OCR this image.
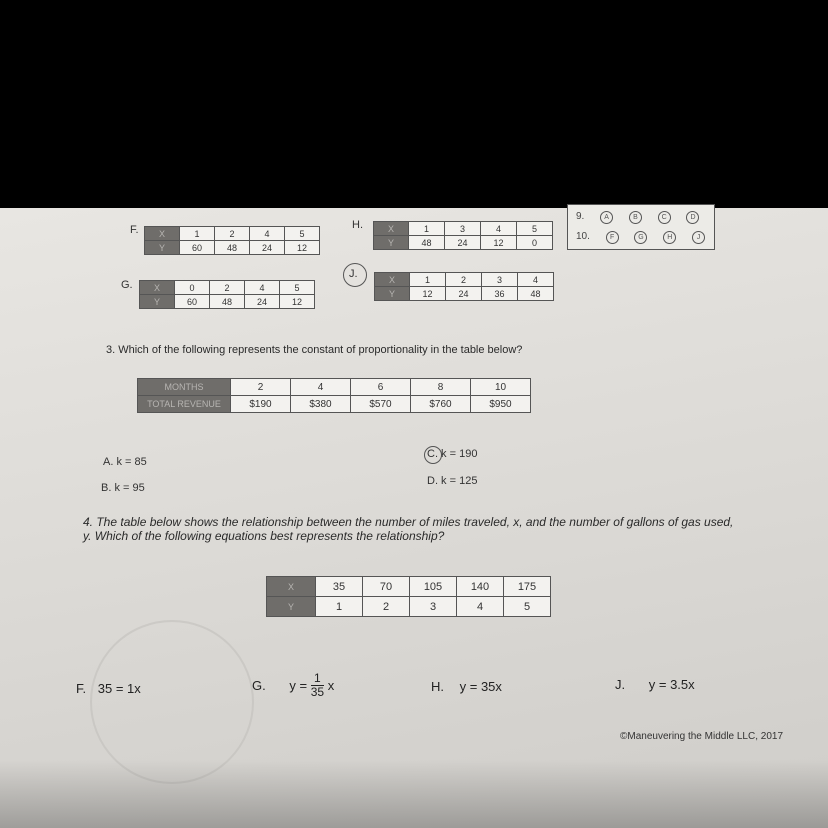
F. X	1	2	4	5
Y	60	48	24	12
H.	X	1	3	4	5
Y	48	24	12	0
9.	A	B	C	D
10.	F	G	H	J
G. X	0	2	4	5
Y	60	48	24	12
J.	X	1	2	3	4
Y	12	24	36	48
3. Which of the following represents the constant of proportionality in the table below?
MONTHS	2	4	6	8	10
TOTAL REVENUE	$190	$380	$570	$760	$950
A. k = 85
B. k = 95
C. k = 190
D. k = 125
4. The table below shows the relationship between the number of miles traveled, x, and the number of gallons of gas used, y. Which of the following equations best represents the relationship?
X	35	70	105	140	175
Y	1	2	3	4	5
F. 35 = 1x	G. $y = \frac{1}{35}$ x	H. y = 35x	J. y = 3.5x
©Maneuvering the Middle LLC, 2017
